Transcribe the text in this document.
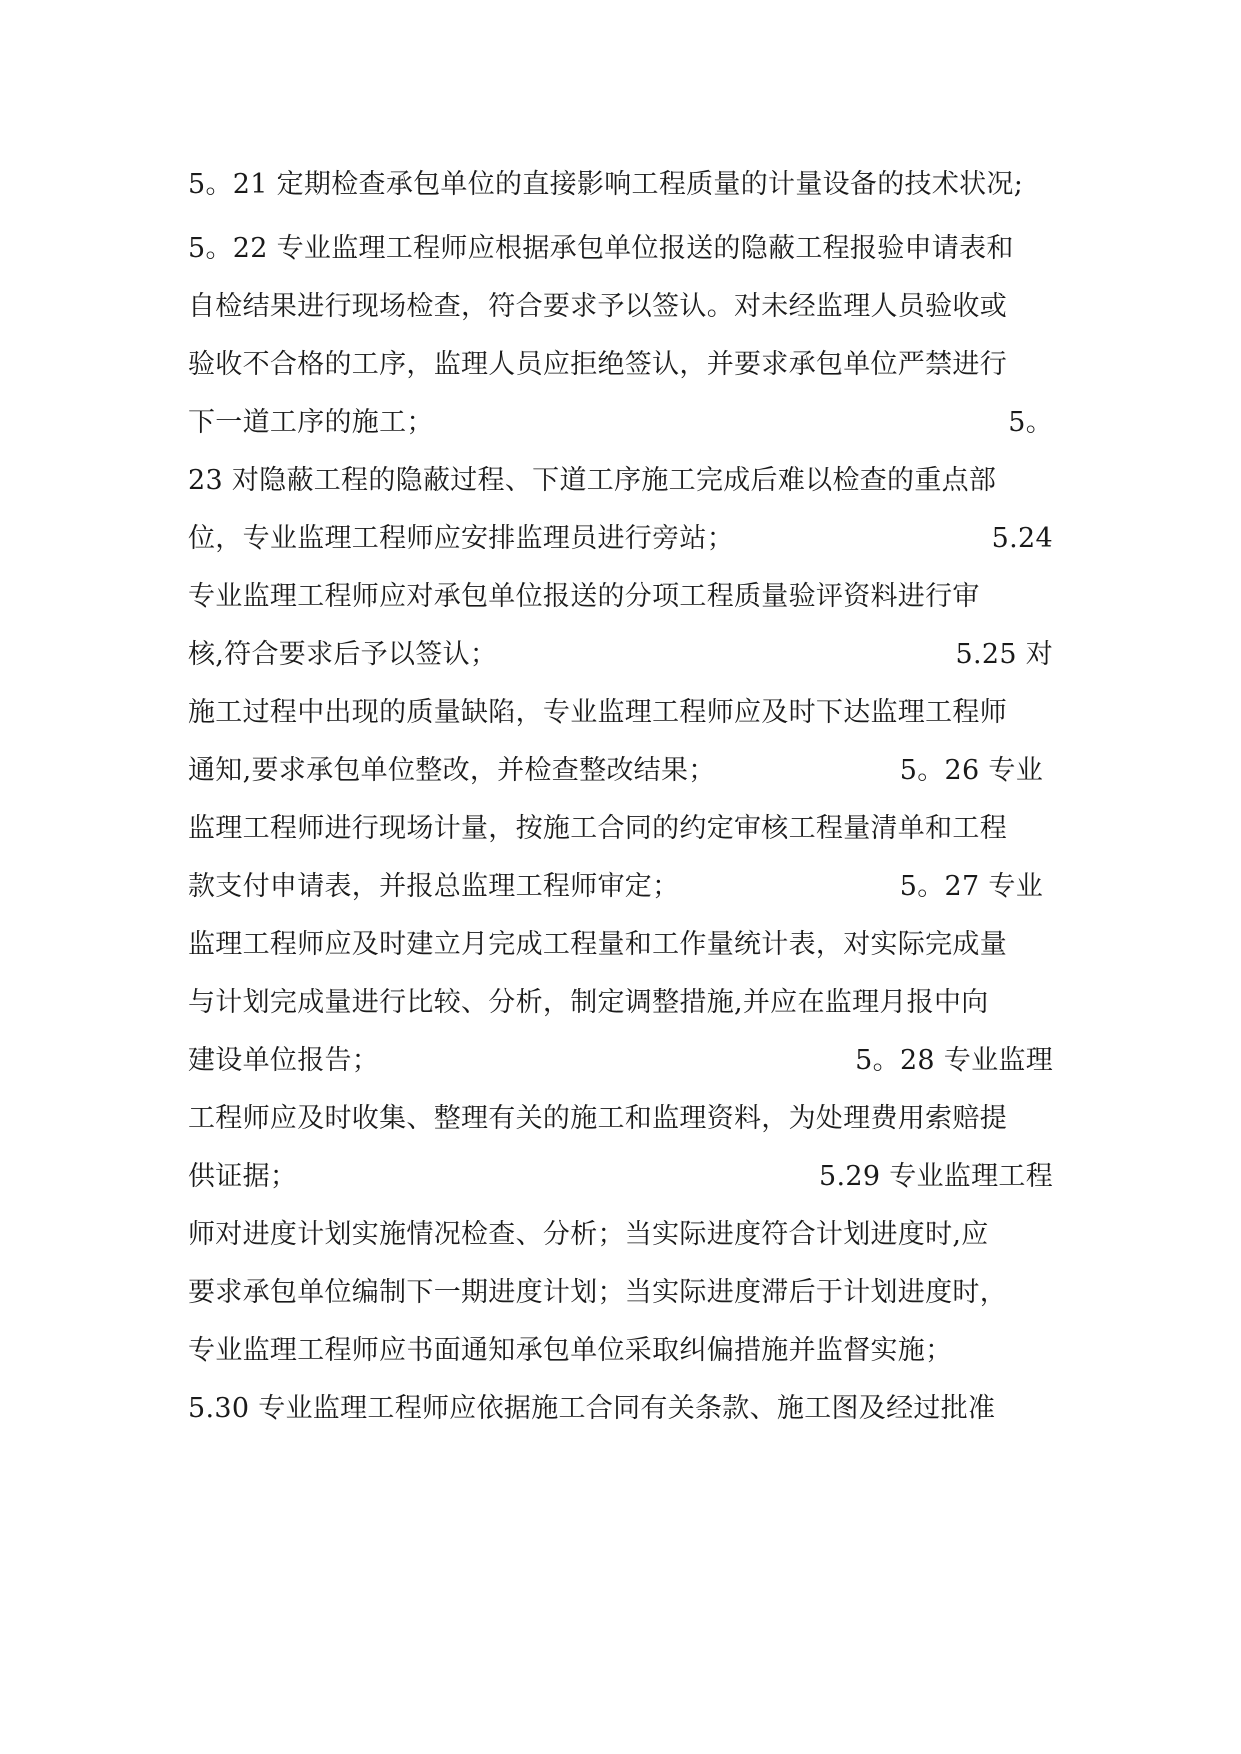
5。21 定期检查承包单位的直接影响工程质量的计量设备的技术状况;
5。22 专业监理工程师应根据承包单位报送的隐蔽工程报验申请表和
自检结果进行现场检查，符合要求予以签认。对未经监理人员验收或
验收不合格的工序，监理人员应拒绝签认，并要求承包单位严禁进行
下一道工序的施工；	5。
23 对隐蔽工程的隐蔽过程、下道工序施工完成后难以检查的重点部
位，专业监理工程师应安排监理员进行旁站；	5.24
专业监理工程师应对承包单位报送的分项工程质量验评资料进行审
核,符合要求后予以签认；	5.25 对
施工过程中出现的质量缺陷，专业监理工程师应及时下达监理工程师
通知,要求承包单位整改，并检查整改结果；	5。26 专业
监理工程师进行现场计量，按施工合同的约定审核工程量清单和工程
款支付申请表，并报总监理工程师审定；	5。27 专业
监理工程师应及时建立月完成工程量和工作量统计表，对实际完成量
与计划完成量进行比较、分析，制定调整措施,并应在监理月报中向
建设单位报告；	5。28 专业监理
工程师应及时收集、整理有关的施工和监理资料，为处理费用索赔提
供证据；	5.29 专业监理工程
师对进度计划实施情况检查、分析；当实际进度符合计划进度时,应
要求承包单位编制下一期进度计划；当实际进度滞后于计划进度时，
专业监理工程师应书面通知承包单位采取纠偏措施并监督实施；
5.30 专业监理工程师应依据施工合同有关条款、施工图及经过批准
